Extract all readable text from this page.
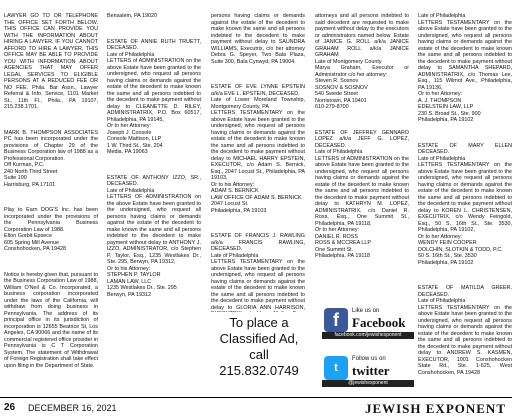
LAWYER GO TO OR TELEPHONE THE OFFICE SET FORTH BELOW. THIS OFFICE CAN PROVIDE YOU WITH THE INFORMATION ABOUT HIRING A LAWYER. IF YOU CANNOT AFFORD TO HIRE A LAWYER, THIS OFFICE MAY BE ABLE TO PROVIDE YOU WITH INFORMATION ABOUT AGENCIES THAT MAY OFFER LEGAL SERVICES TO ELIGIBLE PERSONS AT A REDUCED FEE OR NO FEE. Phila. Bar Assn., Lawyer Referral & Info. Service, 1101 Market St., 11th Fl., Phila., PA 19107, 215.238.1701.

MARK B. THOMPSON ASSOCIATES PC has been incorporated under the provisions of Chapter 29 of the Business Corporation law of 1988 as a Professional Corporation.
Off Kurman, P.C.
240 North Third Street
Suite 100
Harrisburg, PA 17101

Play to Earn DOG'S Inc. has been incorporated under the provisions of the Pennsylvania Business Corporation Law of 1988.
Elton Gorbit Epsece
605 Spring Mill Avenue
Conshohocken, PA 19428

Notice is hereby given that, pursuant to the Business Corporation Law of 1988, William O'Neil & Co. Incorporated, a business corporation incorporated under the laws of the California, will withdraw from doing business in Pennsylvania. The address of its principal office in its jurisdiction of incorporation is 12655 Beatrice St, Los Angeles, CA 90066 and the name of its commercial registered office provider in Pennsylvania is C T Corporation System. The statement of Withdrawal of Foreign Registration shall take effect upon filing in the Department of State.

Bensalem, PA 19020

ESTATE OF ANNIE RUTH TRUETT, DECEASED.
Late of Philadelphia
LETTERS of ADMINISTRATION on the above Estate have been granted to the undersigned, who request all persons having claims or demands against the estate of the decedent to make known the same and all persons indebted to the decedent to make payment without delay to CLEANETTE D. RILEY, ADMINISTRATRIX, P.O. Box 60517, Philadelphia, PA 19145,
Or to her Attorney:
Joseph J. Console
Console Mattison, LLP
1 W. Third St., Ste. 204
Media, PA 19063

ESTATE OF ANTHONY IZZO, SR., DECEASED.
Late of Philadelphia
LETTERS OF ADMINISTRATION on the above Estate have been granted to the undersigned, who request all persons having claims or demands against the estate of the decedent to make known the same and all persons indebted to the decedent to make payment without delay to ANTHONY J. IZZO, ADMINISTRATOR, c/o Stephen P. Taylor, Esq., 1235 Westlakes Dr., Ste. 295, Berwyn, PA 19312,
Or to his Attorney:
STEPHEN P. TAYLOR
LAMAN LAW, LLC
1235 Westlakes Dr., Ste. 295
Berwyn, PA 19312

persons having claims or demands against the estate of the decedent to make known the same and all persons indebted to the decedent to make payment without delay to SAUNDRA WILLIAMS, Executrix, c/o her attorney Debra G. Speyer, Two Bala Plaza, Suite 300, Bala Cynwyd, PA 19004.

ESTATE OF EVE LYNNE EPSTEIN a/k/a EVE L. EPSTEIN, DECEASED.
Late of Lower Moreland Township, Montgomery County, PA
LETTERS TESTAMENTARY on the above Estate have been granted to the undersigned, who request all persons having claims or demands against the estate of the decedent to make known the same and all persons indebted to the decedent to make payment without delay to MICHAEL HARRY EPSTEIN, EXECUTOR, c/o Adam S. Bernick, Esq., 2047 Locust St., Philadelphia, PA 19103,
Or to his Attorney:
ADAM S. BERNICK
LAW OFFICE OF ADAM S. BERNICK
2047 Locust St.
Philadelphia, PA 19103

ESTATE OF FRANCIS J. RAWLING a/k/a FRANCIS RAWLING, DECEASED.
Late of Philadelphia
LETTERS TESTAMENTARY on the above Estate have been granted to the undersigned, who request all persons having claims or demands against the estate of the decedent to make known the same and all persons indebted to the decedent to make payment without delay to GLORIA ANN HARRISON,

attorneys and all persons indebted to said decedent are requested to make payment without delay to the executors or administrators named below. Estate of JANICE G. ROLL a/k/a JANICE GRAHAM ROLL a/k/a JANICE GRAHAM
Late of Montgomery County
Marya Graham, Executor or Administrator c/o her attorney:
Steven R. Sosnov
SOSNOV & SOSNOV
540 Swede Street
Norristown, PA 19401
610-279-8700

ESTATE OF JEFFREY GENNARO LOPEZ a/k/a JEFF G. LOPEZ, DECEASED.
Late of Philadelphia
LETTERS of ADMINISTRATION on the above Estate have been granted to the undersigned, who request all persons having claims or demands against the estate of the decedent to make known the same and all persons indebted to the decedent to make payment without delay to KATHRYN M. LOPEZ, ADMINISTRATRIX, c/o Daniel R. Ross, Esq., One Summit St., Philadelphia, PA 19118,
Or to her Attorney:
DANIEL R. ROSS
ROSS & MCCREA LLP
One Summit St.
Philadelphia, PA 19118

Late of Philadelphia
LETTERS TESTAMENTARY on the above Estate have been granted to the undersigned, who request all persons having claims or demands against the estate of the decedent to make known the same and all persons indebted to the decedent to make payment without delay to SAMANTHA SHEPARD, ADMINISTRATRIX, c/o Thomas Lee, Esq., 115 Wilmot Ave., Philadelphia, PA 19136,
Or to her Attorney:
A. J. THOMPSON
EDELSTEIN LAW, LLP
230 S. Broad St., Ste. 900
Philadelphia, PA 19102

ESTATE OF MARY ELLEN DECEASED.
Late of Philadelphia
LETTERS TESTAMENTARY on the above Estate have been granted to the undersigned, who request all persons having claims or demands against the estate of the decedent to make known the same and all persons indebted to the decedent to make payment without delay to KOREN L. CHRISTENSEN, EXECUTRIX, c/o Wendy Feingold, Esq., 50 S. 16th St., Ste. 3530, Philadelphia, PA 19102,
Or to her Attorney:
WENDY FEIN COOPER
DOLCHIN, SLOTKIN & TODD, P.C.
50 S. 16th St., Ste. 3530
Philadelphia, PA 19102

ESTATE OF MATILDA GREER, DECEASED.
Late of Philadelphia
LETTERS TESTAMENTARY on the above Estate have been granted to the undersigned, who request all persons having claims or demands against the estate of the decedent to make known the same and all persons indebted to the decedent to make payment without delay to ANDREW S. KASMEN, EXECUTOR, 1001 Conshohocken State Rd., Ste. 1-625, West Conshohocken, PA 19428

To place a
Classified Ad,
call 215.832.0749
f	Like us on
Facebook
facebook.com/jewishexponent
t
Follow us on
twitter
@jewishexponent
26 DECEMBER 16, 2021	JEWISH EXPONENT
